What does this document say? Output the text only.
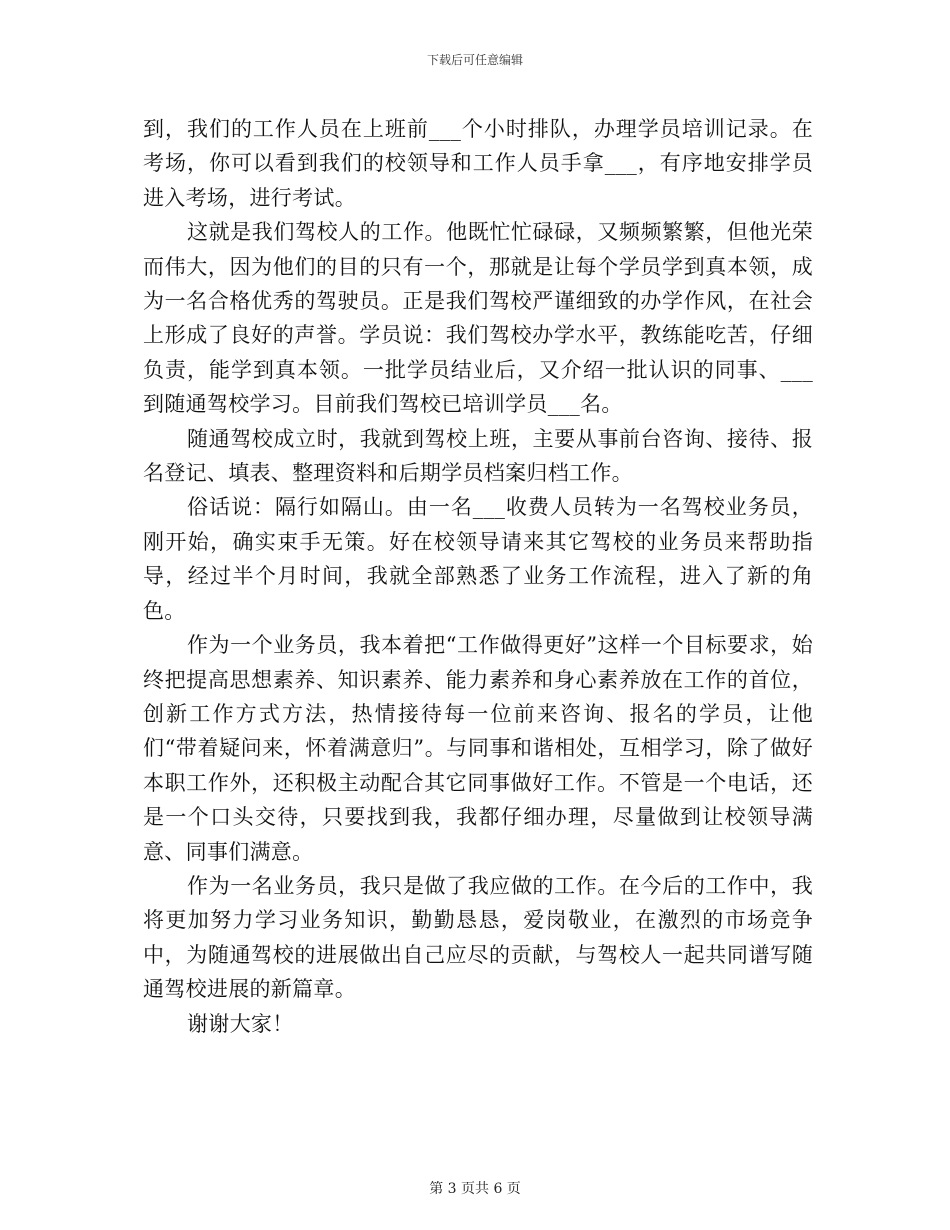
下载后可任意编辑

到，我们的工作人员在上班前___个小时排队，办理学员培训记录。在考场，你可以看到我们的校领导和工作人员手拿___，有序地安排学员进入考场，进行考试。

这就是我们驾校人的工作。他既忙忙碌碌，又频频繁繁，但他光荣而伟大，因为他们的目的只有一个，那就是让每个学员学到真本领，成为一名合格优秀的驾驶员。正是我们驾校严谨细致的办学作风，在社会上形成了良好的声誉。学员说：我们驾校办学水平，教练能吃苦，仔细负责，能学到真本领。一批学员结业后，又介绍一批认识的同事、___到随通驾校学习。目前我们驾校已培训学员___名。

随通驾校成立时，我就到驾校上班，主要从事前台咨询、接待、报名登记、填表、整理资料和后期学员档案归档工作。

俗话说：隔行如隔山。由一名___收费人员转为一名驾校业务员，刚开始，确实束手无策。好在校领导请来其它驾校的业务员来帮助指导，经过半个月时间，我就全部熟悉了业务工作流程，进入了新的角色。

作为一个业务员，我本着把“工作做得更好”这样一个目标要求，始终把提高思想素养、知识素养、能力素养和身心素养放在工作的首位，创新工作方式方法，热情接待每一位前来咨询、报名的学员，让他们“带着疑问来，怀着满意归”。与同事和谐相处，互相学习，除了做好本职工作外，还积极主动配合其它同事做好工作。不管是一个电话，还是一个口头交待，只要找到我，我都仔细办理，尽量做到让校领导满意、同事们满意。

作为一名业务员，我只是做了我应做的工作。在今后的工作中，我将更加努力学习业务知识，勤勤恳恳，爱岗敬业，在激烈的市场竞争中，为随通驾校的进展做出自己应尽的贡献，与驾校人一起共同谱写随通驾校进展的新篇章。

谢谢大家！

第 3 页共 6 页
